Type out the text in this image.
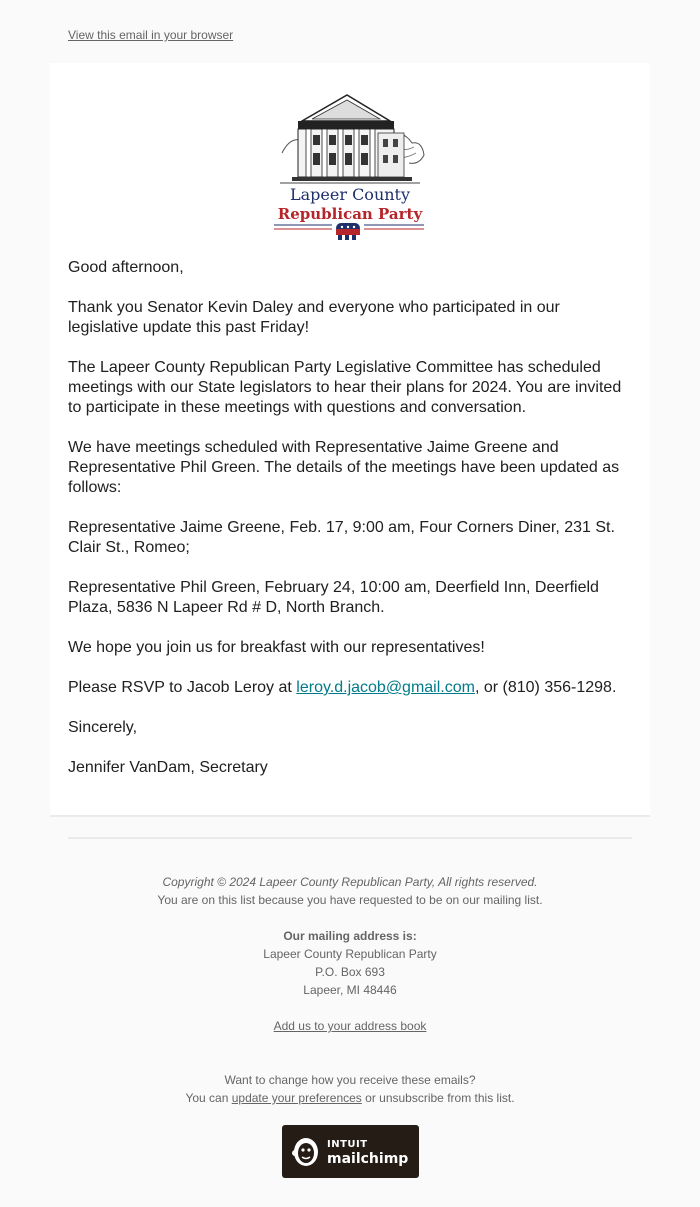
View this email in your browser
Lapeer County
Republican Party

Good afternoon,

Thank you Senator Kevin Daley and everyone who participated in our legislative update this past Friday!

The Lapeer County Republican Party Legislative Committee has scheduled meetings with our State legislators to hear their plans for 2024. You are invited to participate in these meetings with questions and conversation.

We have meetings scheduled with Representative Jaime Greene and Representative Phil Green. The details of the meetings have been updated as follows:

Representative Jaime Greene, Feb. 17, 9:00 am, Four Corners Diner, 231 St. Clair St., Romeo;

Representative Phil Green, February 24, 10:00 am, Deerfield Inn, Deerfield Plaza, 5836 N Lapeer Rd # D, North Branch.

We hope you join us for breakfast with our representatives!

Please RSVP to Jacob Leroy at leroy.d.jacob@gmail.com, or (810) 356-1298.

Sincerely,

Jennifer VanDam, Secretary

Copyright © 2024 Lapeer County Republican Party, All rights reserved.

You are on this list because you have requested to be on our mailing list.

Our mailing address is:

Lapeer County Republican Party

P.O. Box 693

Lapeer, MI 48446

Add us to your address book

Want to change how you receive these emails?

You can update your preferences or unsubscribe from this list.

INTUIT
mailchimp
